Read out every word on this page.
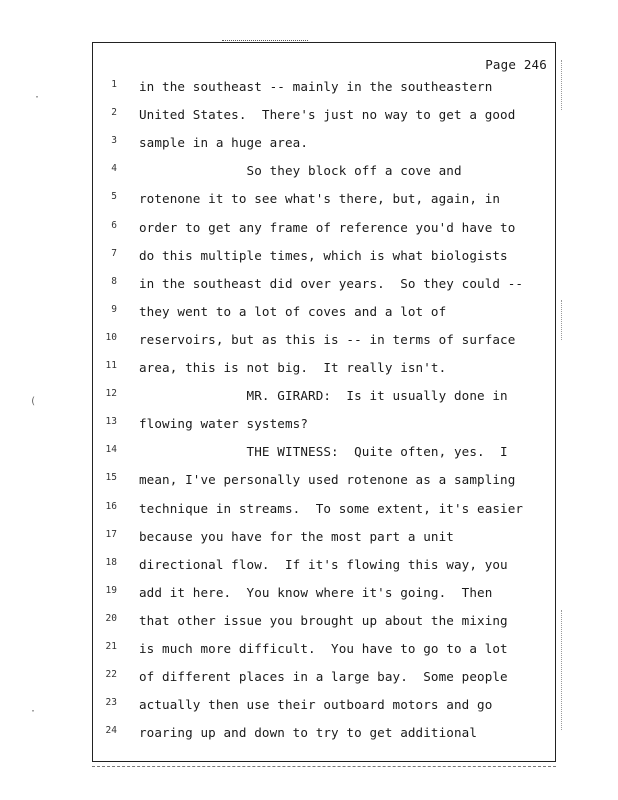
Page 246
1 in the southeast -- mainly in the southeastern
2 United States.  There's just no way to get a good
3 sample in a huge area.
4 So they block off a cove and
5 rotenone it to see what's there, but, again, in
6 order to get any frame of reference you'd have to
7 do this multiple times, which is what biologists
8 in the southeast did over years.  So they could --
9 they went to a lot of coves and a lot of
10 reservoirs, but as this is -- in terms of surface
11 area, this is not big.  It really isn't.
12 MR. GIRARD:  Is it usually done in
13 flowing water systems?
14 THE WITNESS:  Quite often, yes.  I
15 mean, I've personally used rotenone as a sampling
16 technique in streams.  To some extent, it's easier
17 because you have for the most part a unit
18 directional flow.  If it's flowing this way, you
19 add it here.  You know where it's going.  Then
20 that other issue you brought up about the mixing
21 is much more difficult.  You have to go to a lot
22 of different places in a large bay.  Some people
23 actually then use their outboard motors and go
24 roaring up and down to try to get additional
·
(
·
